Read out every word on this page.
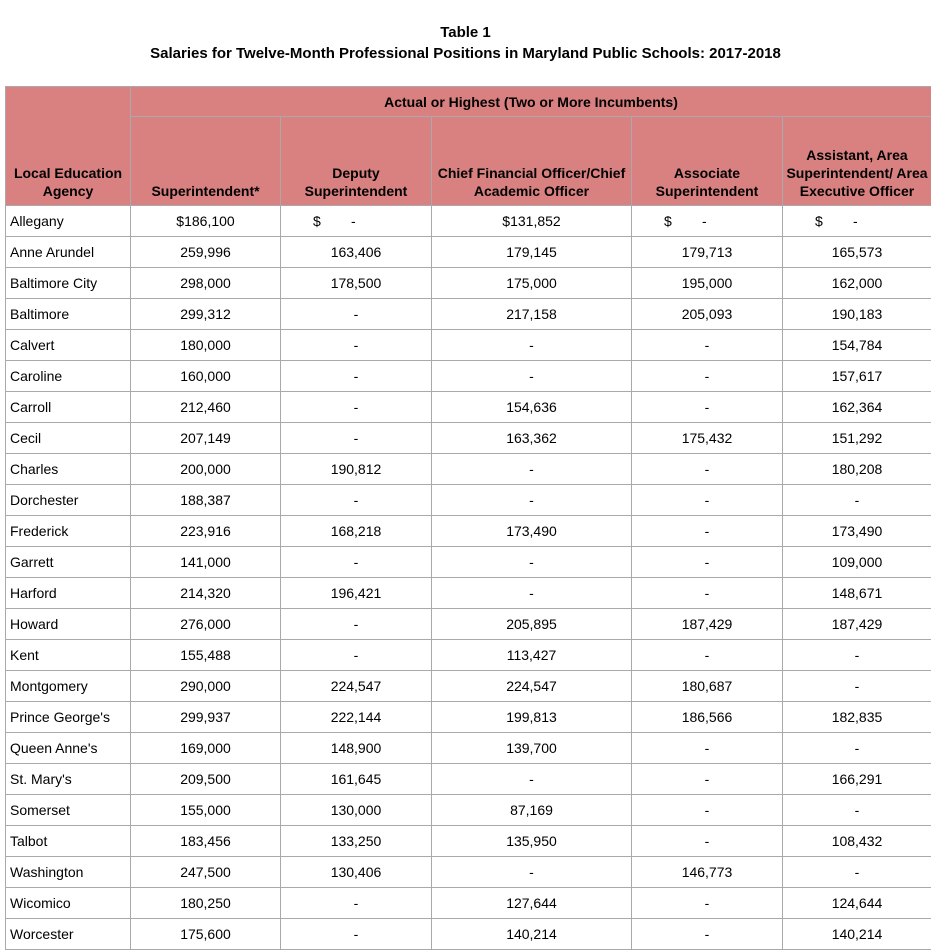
Table 1
Salaries for Twelve-Month Professional Positions in Maryland Public Schools: 2017-2018
Local Education Agency	Actual or Highest (Two or More Incumbents)				
	Superintendent*	Deputy Superintendent	Chief Financial Officer/Chief Academic Officer	Associate Superintendent	Assistant, Area Superintendent/ Area Executive Officer
Allegany	$186,100	$ -	$131,852	$ -	$ -

Anne Arundel	259,996	163,406	179,145	179,713	165,573
Baltimore City	298,000	178,500	175,000	195,000	162,000
Baltimore	299,312	-	217,158	205,093	190,183
Calvert	180,000	-	-	-	154,784
Caroline	160,000	-	-	-	157,617
Carroll	212,460	-	154,636	-	162,364
Cecil	207,149	-	163,362	175,432	151,292
Charles	200,000	190,812	-	-	180,208
Dorchester	188,387	-	-	-	-
Frederick	223,916	168,218	173,490	-	173,490
Garrett	141,000	-	-	-	109,000
Harford	214,320	196,421	-	-	148,671
Howard	276,000	-	205,895	187,429	187,429
Kent	155,488	-	113,427	-	-
Montgomery	290,000	224,547	224,547	180,687	-
Prince George's	299,937	222,144	199,813	186,566	182,835
Queen Anne's	169,000	148,900	139,700	-	-
St. Mary's	209,500	161,645	-	-	166,291
Somerset	155,000	130,000	87,169	-	-
Talbot	183,456	133,250	135,950	-	108,432
Washington	247,500	130,406	-	146,773	-
Wicomico	180,250	-	127,644	-	124,644
Worcester	175,600	-	140,214	-	140,214
